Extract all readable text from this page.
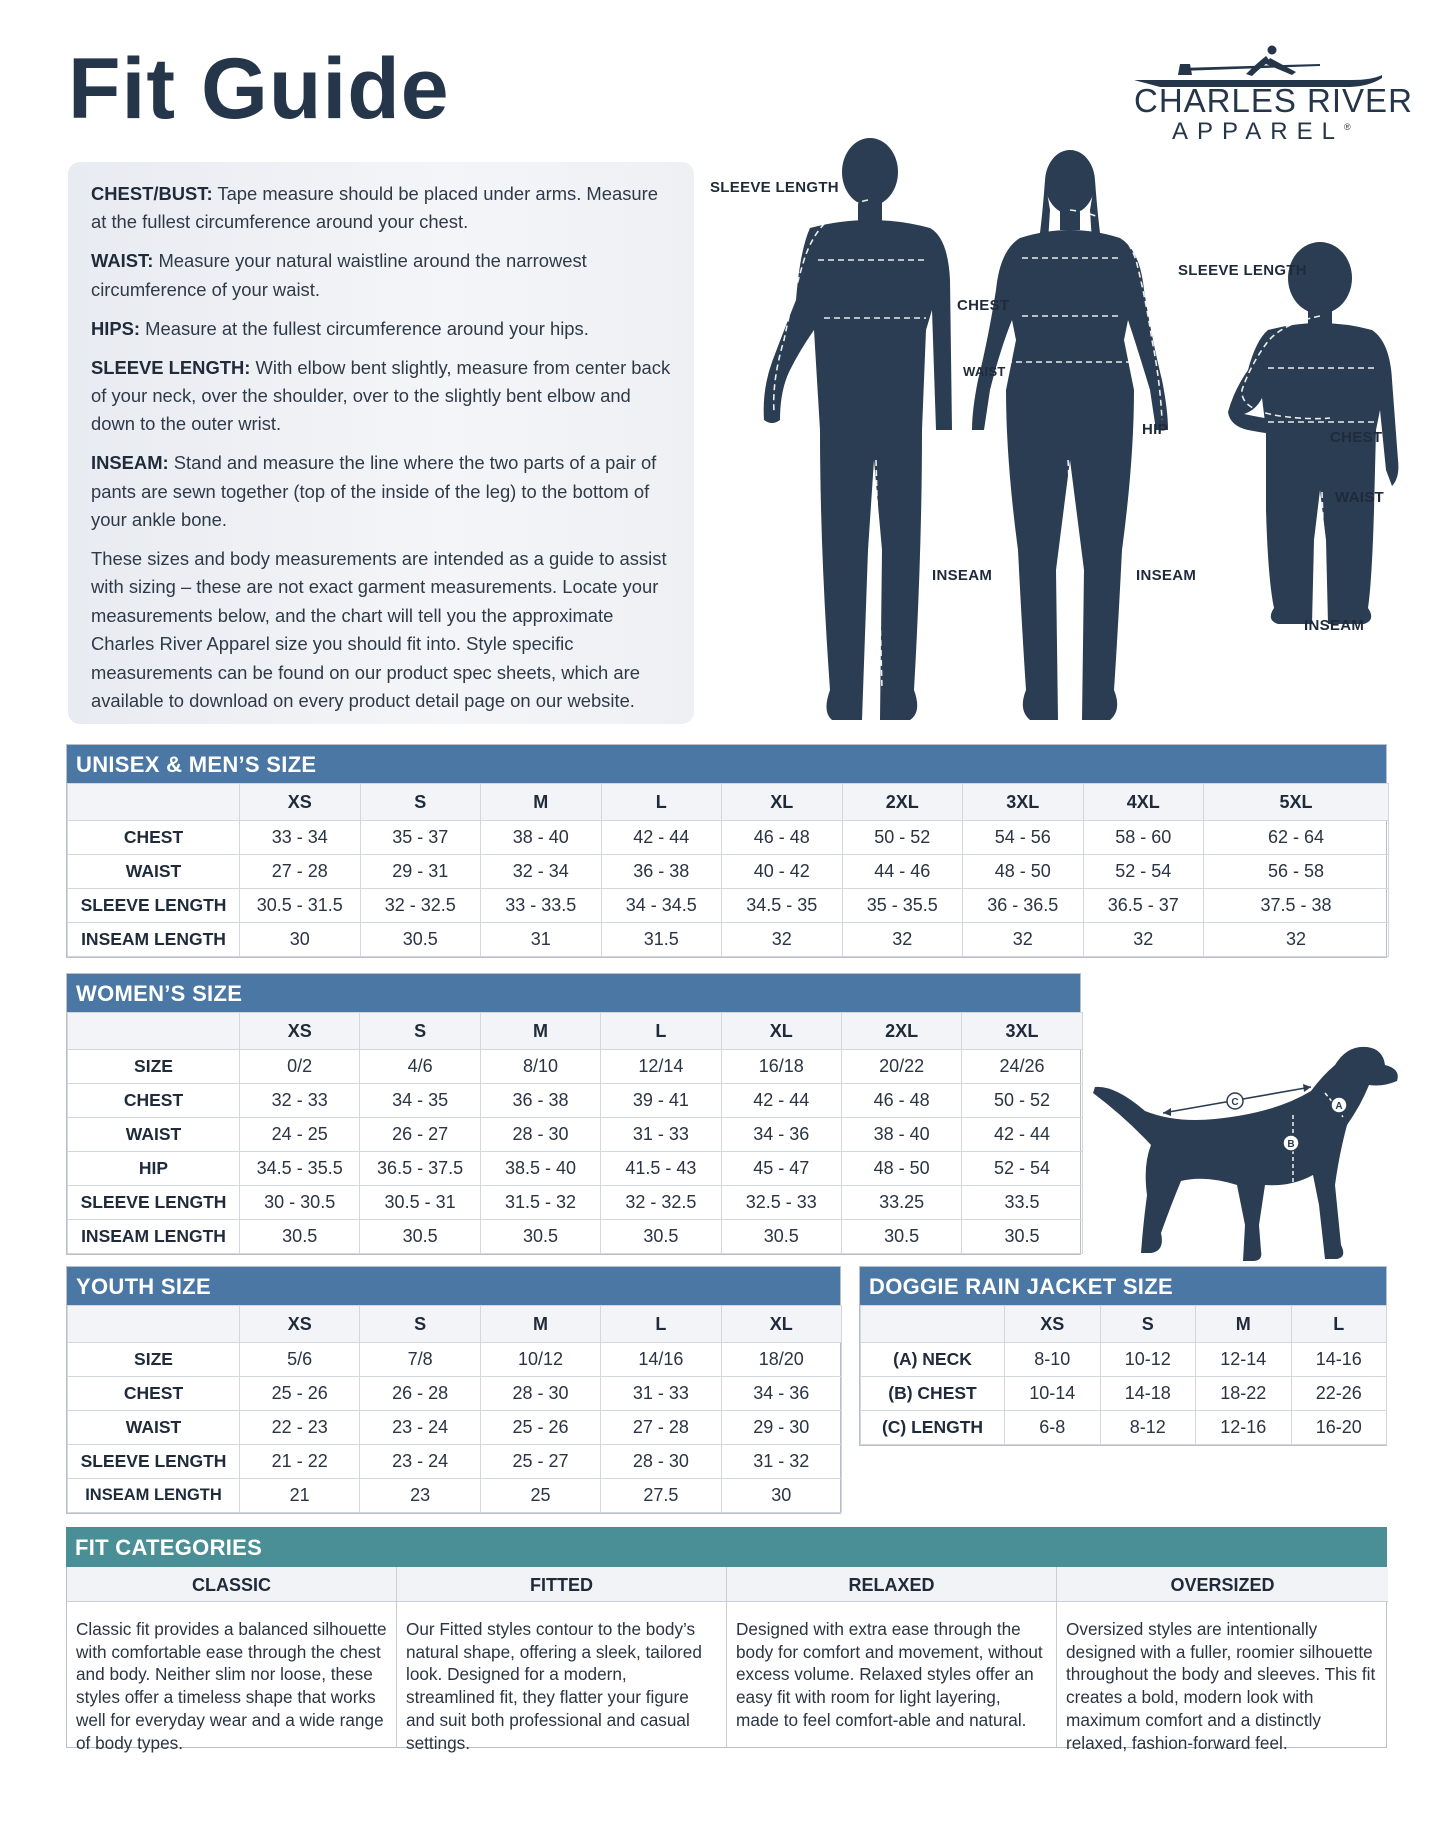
Fit Guide	CHARLES RIVER
APPAREL®

CHEST/BUST: Tape measure should be placed under arms. Measure at the fullest circumference around your chest.

WAIST: Measure your natural waistline around the narrowest circumference of your waist.

HIPS: Measure at the fullest circumference around your hips.

SLEEVE LENGTH: With elbow bent slightly, measure from center back of your neck, over the shoulder, over to the slightly bent elbow and down to the outer wrist.

INSEAM: Stand and measure the line where the two parts of a pair of pants are sewn together (top of the inside of the leg) to the bottom of your ankle bone.

These sizes and body measurements are intended as a guide to assist with sizing – these are not exact garment measurements. Locate your measurements below, and the chart will tell you the approximate Charles River Apparel size you should fit into. Style specific measurements can be found on our product spec sheets, which are available to download on every product detail page on our website.

SLEEVE LENGTH
CHEST
WAIST
INSEAM
SLEEVE LENGTH
HIP
INSEAM
CHEST
WAIST
INSEAM
UNISEX & MEN’S SIZE
	XS	S	M	L	XL	2XL	3XL	4XL	5XL
CHEST	33 - 34	35 - 37	38 - 40	42 - 44	46 - 48	50 - 52	54 - 56	58 - 60	62 - 64
WAIST	27 - 28	29 - 31	32 - 34	36 - 38	40 - 42	44 - 46	48 - 50	52 - 54	56 - 58
SLEEVE LENGTH	30.5 - 31.5	32 - 32.5	33 - 33.5	34 - 34.5	34.5 - 35	35 - 35.5	36 - 36.5	36.5 - 37	37.5 - 38
INSEAM LENGTH	30	30.5	31	31.5	32	32	32	32	32
WOMEN’S SIZE
	XS	S	M	L	XL	2XL	3XL
SIZE	0/2	4/6	8/10	12/14	16/18	20/22	24/26
CHEST	32 - 33	34 - 35	36 - 38	39 - 41	42 - 44	46 - 48	50 - 52
WAIST	24 - 25	26 - 27	28 - 30	31 - 33	34 - 36	38 - 40	42 - 44
HIP	34.5 - 35.5	36.5 - 37.5	38.5 - 40	41.5 - 43	45 - 47	48 - 50	52 - 54
SLEEVE LENGTH	30 - 30.5	30.5 - 31	31.5 - 32	32 - 32.5	32.5 - 33	33.25	33.5
INSEAM LENGTH	30.5	30.5	30.5	30.5	30.5	30.5	30.5
C	A
B
YOUTH SIZE
	XS	S	M	L	XL
SIZE	5/6	7/8	10/12	14/16	18/20
CHEST	25 - 26	26 - 28	28 - 30	31 - 33	34 - 36
WAIST	22 - 23	23 - 24	25 - 26	27 - 28	29 - 30
SLEEVE LENGTH	21 - 22	23 - 24	25 - 27	28 - 30	31 - 32
INSEAM LENGTH	21	23	25	27.5	30
DOGGIE RAIN JACKET SIZE
	XS	S	M	L
(A) NECK	8-10	10-12	12-14	14-16
(B) CHEST	10-14	14-18	18-22	22-26
(C) LENGTH	6-8	8-12	12-16	16-20
FIT CATEGORIES
CLASSIC
Classic fit provides a balanced silhouette with comfortable ease through the chest and body. Neither slim nor loose, these styles offer a timeless shape that works well for everyday wear and a wide range of body types.
FITTED
Our Fitted styles contour to the body’s natural shape, offering a sleek, tailored look. Designed for a modern, streamlined fit, they flatter your figure and suit both professional and casual settings.
RELAXED
Designed with extra ease through the body for comfort and movement, without excess volume. Relaxed styles offer an easy fit with room for light layering, made to feel comfort-able and natural.
OVERSIZED
Oversized styles are intentionally designed with a fuller, roomier silhouette throughout the body and sleeves. This fit creates a bold, modern look with maximum comfort and a distinctly relaxed, fashion-forward feel.
